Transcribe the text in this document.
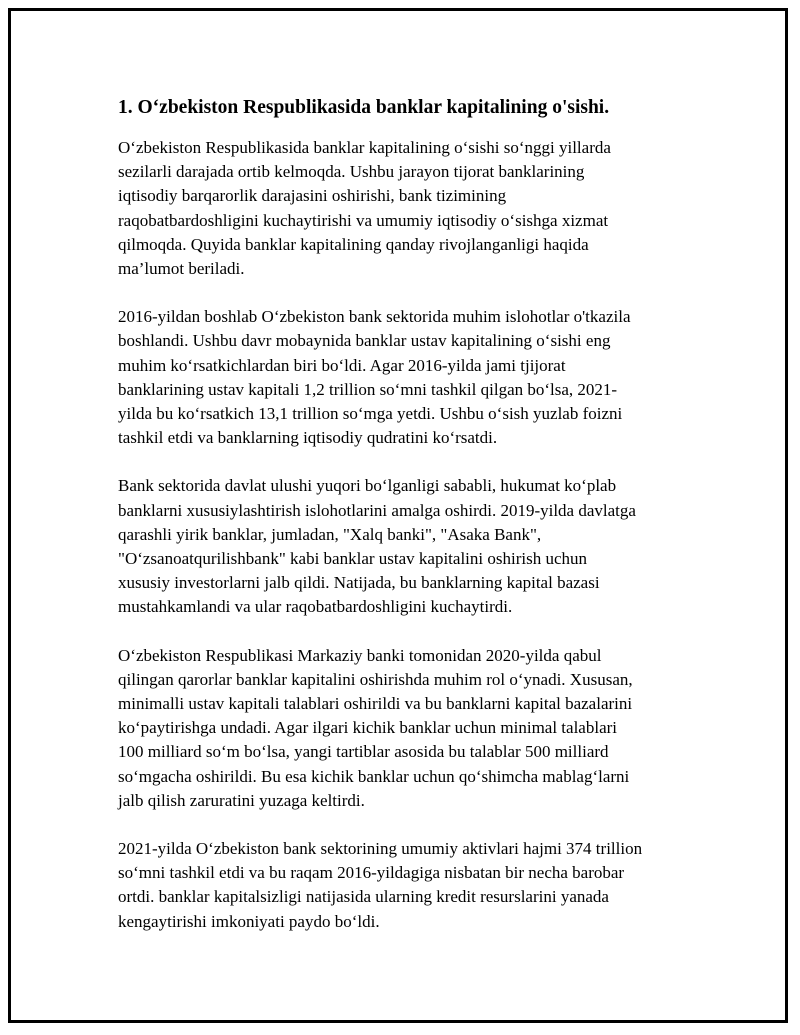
1. O‘zbekiston Respublikasida banklar kapitalining o'sishi.

O‘zbekiston Respublikasida banklar kapitalining o‘sishi so‘nggi yillarda
sezilarli darajada ortib kelmoqda. Ushbu jarayon tijorat banklarining
iqtisodiy barqarorlik darajasini oshirishi, bank tizimining
raqobatbardoshligini kuchaytirishi va umumiy iqtisodiy o‘sishga xizmat
qilmoqda. Quyida banklar kapitalining qanday rivojlanganligi haqida
ma’lumot beriladi.

2016-yildan boshlab O‘zbekiston bank sektorida muhim islohotlar o'tkazila
boshlandi. Ushbu davr mobaynida banklar ustav kapitalining o‘sishi eng
muhim ko‘rsatkichlardan biri bo‘ldi. Agar 2016-yilda jami tjijorat
banklarining ustav kapitali 1,2 trillion so‘mni tashkil qilgan bo‘lsa, 2021-
yilda bu ko‘rsatkich 13,1 trillion so‘mga yetdi. Ushbu o‘sish yuzlab foizni
tashkil etdi va banklarning iqtisodiy qudratini ko‘rsatdi.

Bank sektorida davlat ulushi yuqori bo‘lganligi sababli, hukumat ko‘plab
banklarni xususiylashtirish islohotlarini amalga oshirdi. 2019-yilda davlatga
qarashli yirik banklar, jumladan, "Xalq banki", "Asaka Bank",
"O‘zsanoatqurilishbank" kabi banklar ustav kapitalini oshirish uchun
xususiy investorlarni jalb qildi. Natijada, bu banklarning kapital bazasi
mustahkamlandi va ular raqobatbardoshligini kuchaytirdi.

O‘zbekiston Respublikasi Markaziy banki tomonidan 2020-yilda qabul
qilingan qarorlar banklar kapitalini oshirishda muhim rol o‘ynadi. Xususan,
minimalli ustav kapitali talablari oshirildi va bu banklarni kapital bazalarini
ko‘paytirishga undadi. Agar ilgari kichik banklar uchun minimal talablari
100 milliard so‘m bo‘lsa, yangi tartiblar asosida bu talablar 500 milliard
so‘mgacha oshirildi. Bu esa kichik banklar uchun qo‘shimcha mablag‘larni
jalb qilish zaruratini yuzaga keltirdi.

2021-yilda O‘zbekiston bank sektorining umumiy aktivlari hajmi 374 trillion
so‘mni tashkil etdi va bu raqam 2016-yildagiga nisbatan bir necha barobar
ortdi. banklar kapitalsizligi natijasida ularning kredit resurslarini yanada
kengaytirishi imkoniyati paydo bo‘ldi.
